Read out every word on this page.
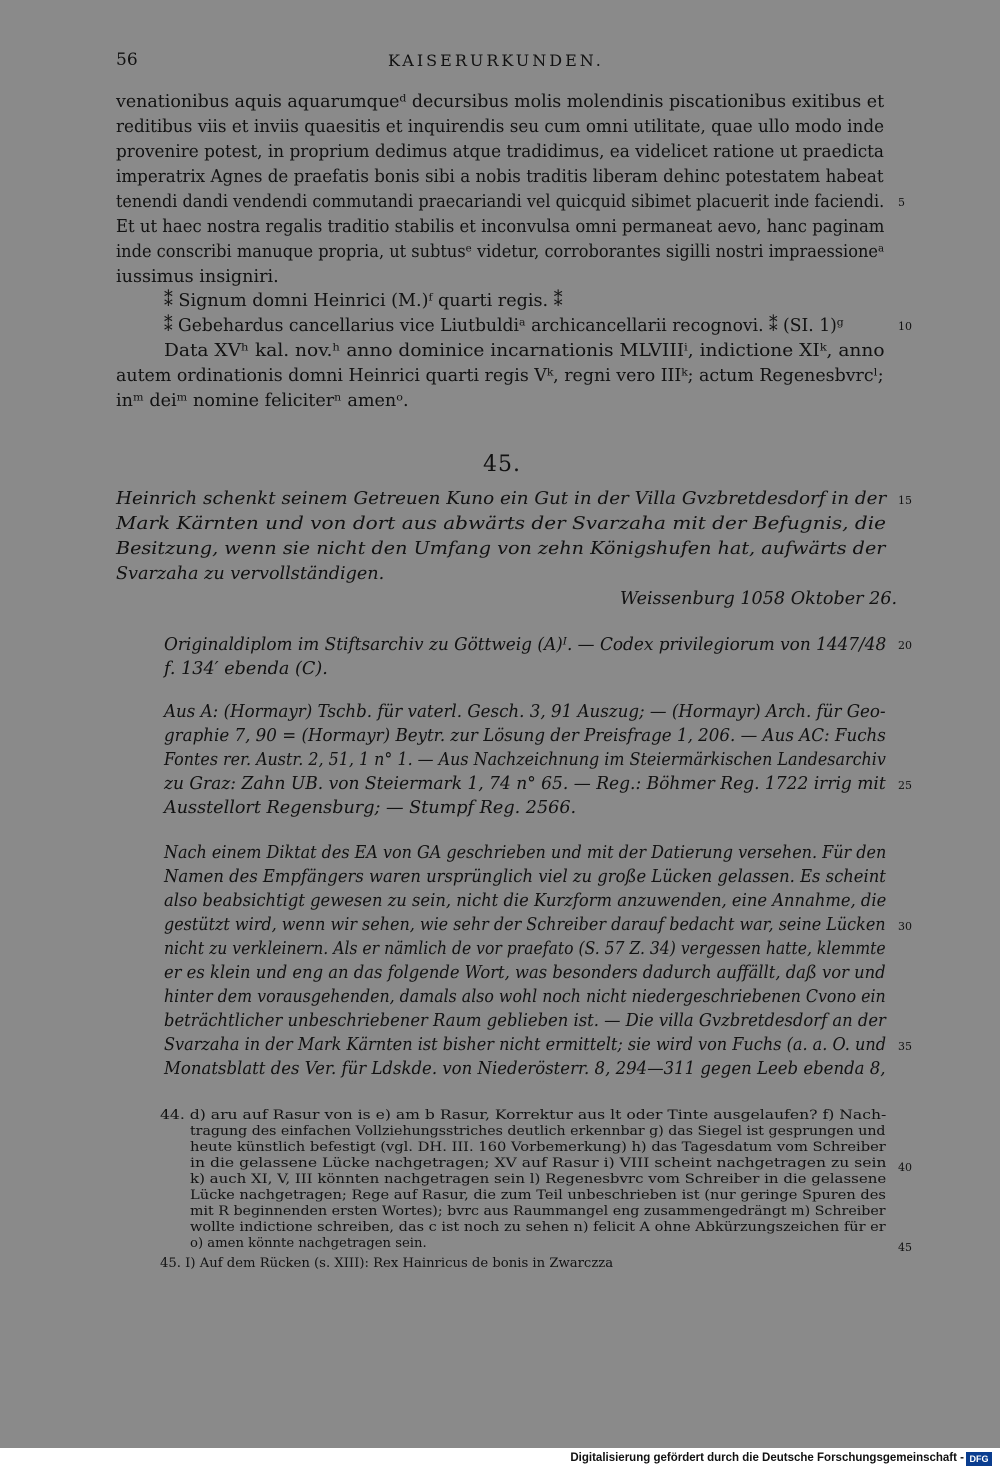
56	KAISERURKUNDEN.
venationibus aquis aquarumqueᵈ decursibus molis molendinis piscationibus exitibus et
reditibus viis et inviis quaesitis et inquirendis seu cum omni utilitate, quae ullo modo inde
provenire potest, in proprium dedimus atque tradidimus, ea videlicet ratione ut praedicta
imperatrix Agnes de praefatis bonis sibi a nobis traditis liberam dehinc potestatem habeat
tenendi dandi vendendi commutandi praecariandi vel quicquid sibimet placuerit inde faciendi.
Et ut haec nostra regalis traditio stabilis et inconvulsa omni permaneat aevo, hanc paginam
inde conscribi manuque propria, ut subtusᵉ videtur, corroborantes sigilli nostri impraessioneᵃ
iussimus insigniri.
⁑ Signum domni Heinrici (M.)ᶠ quarti regis. ⁑
⁑ Gebehardus cancellarius vice Liutbuldiᵃ archicancellarii recognovi. ⁑ (SI. 1)ᵍ
Data XVʰ kal. nov.ʰ anno dominice incarnationis MLVIIIⁱ, indictione XIᵏ, anno
autem ordinationis domni Heinrici quarti regis Vᵏ, regni vero IIIᵏ; actum Regenesbvrcˡ;
inᵐ deiᵐ nomine feliciterⁿ amenᵒ.
45.
Heinrich schenkt seinem Getreuen Kuno ein Gut in der Villa Gvzbretdesdorf in der
Mark Kärnten und von dort aus abwärts der Svarzaha mit der Befugnis, die
Besitzung, wenn sie nicht den Umfang von zehn Königshufen hat, aufwärts der
Svarzaha zu vervollständigen.
Weissenburg 1058 Oktober 26.
Originaldiplom im Stiftsarchiv zu Göttweig (A)ᴵ. — Codex privilegiorum von 1447/48
f. 134′ ebenda (C).
Aus A: (Hormayr) Tschb. für vaterl. Gesch. 3, 91 Auszug; — (Hormayr) Arch. für Geo-
graphie 7, 90 = (Hormayr) Beytr. zur Lösung der Preisfrage 1, 206. — Aus AC: Fuchs
Fontes rer. Austr. 2, 51, 1 n° 1. — Aus Nachzeichnung im Steiermärkischen Landesarchiv
zu Graz: Zahn UB. von Steiermark 1, 74 n° 65. — Reg.: Böhmer Reg. 1722 irrig mit
Ausstellort Regensburg; — Stumpf Reg. 2566.
Nach einem Diktat des EA von GA geschrieben und mit der Datierung versehen. Für den
Namen des Empfängers waren ursprünglich viel zu große Lücken gelassen. Es scheint
also beabsichtigt gewesen zu sein, nicht die Kurzform anzuwenden, eine Annahme, die
gestützt wird, wenn wir sehen, wie sehr der Schreiber darauf bedacht war, seine Lücken
nicht zu verkleinern. Als er nämlich de vor praefato (S. 57 Z. 34) vergessen hatte, klemmte
er es klein und eng an das folgende Wort, was besonders dadurch auffällt, daß vor und
hinter dem vorausgehenden, damals also wohl noch nicht niedergeschriebenen Cvono ein
beträchtlicher unbeschriebener Raum geblieben ist. — Die villa Gvzbretdesdorf an der
Svarzaha in der Mark Kärnten ist bisher nicht ermittelt; sie wird von Fuchs (a. a. O. und
Monatsblatt des Ver. für Ldskde. von Niederösterr. 8, 294—311 gegen Leeb ebenda 8,
44. d) aru auf Rasur von is e) am b Rasur, Korrektur aus lt oder Tinte ausgelaufen? f) Nach-
tragung des einfachen Vollziehungsstriches deutlich erkennbar g) das Siegel ist gesprungen und
heute künstlich befestigt (vgl. DH. III. 160 Vorbemerkung) h) das Tagesdatum vom Schreiber
in die gelassene Lücke nachgetragen; XV auf Rasur i) VIII scheint nachgetragen zu sein
k) auch XI, V, III könnten nachgetragen sein l) Regenesbvrc vom Schreiber in die gelassene
Lücke nachgetragen; Rege auf Rasur, die zum Teil unbeschrieben ist (nur geringe Spuren des
mit R beginnenden ersten Wortes); bvrc aus Raummangel eng zusammengedrängt m) Schreiber
wollte indictione schreiben, das c ist noch zu sehen n) felicit A ohne Abkürzungszeichen für er
o) amen könnte nachgetragen sein.
45. I) Auf dem Rücken (s. XIII): Rex Hainricus de bonis in Zwarczza
5
10
15
20
25
30
35
40
45
Digitalisierung gefördert durch die Deutsche Forschungsgemeinschaft - DFG
